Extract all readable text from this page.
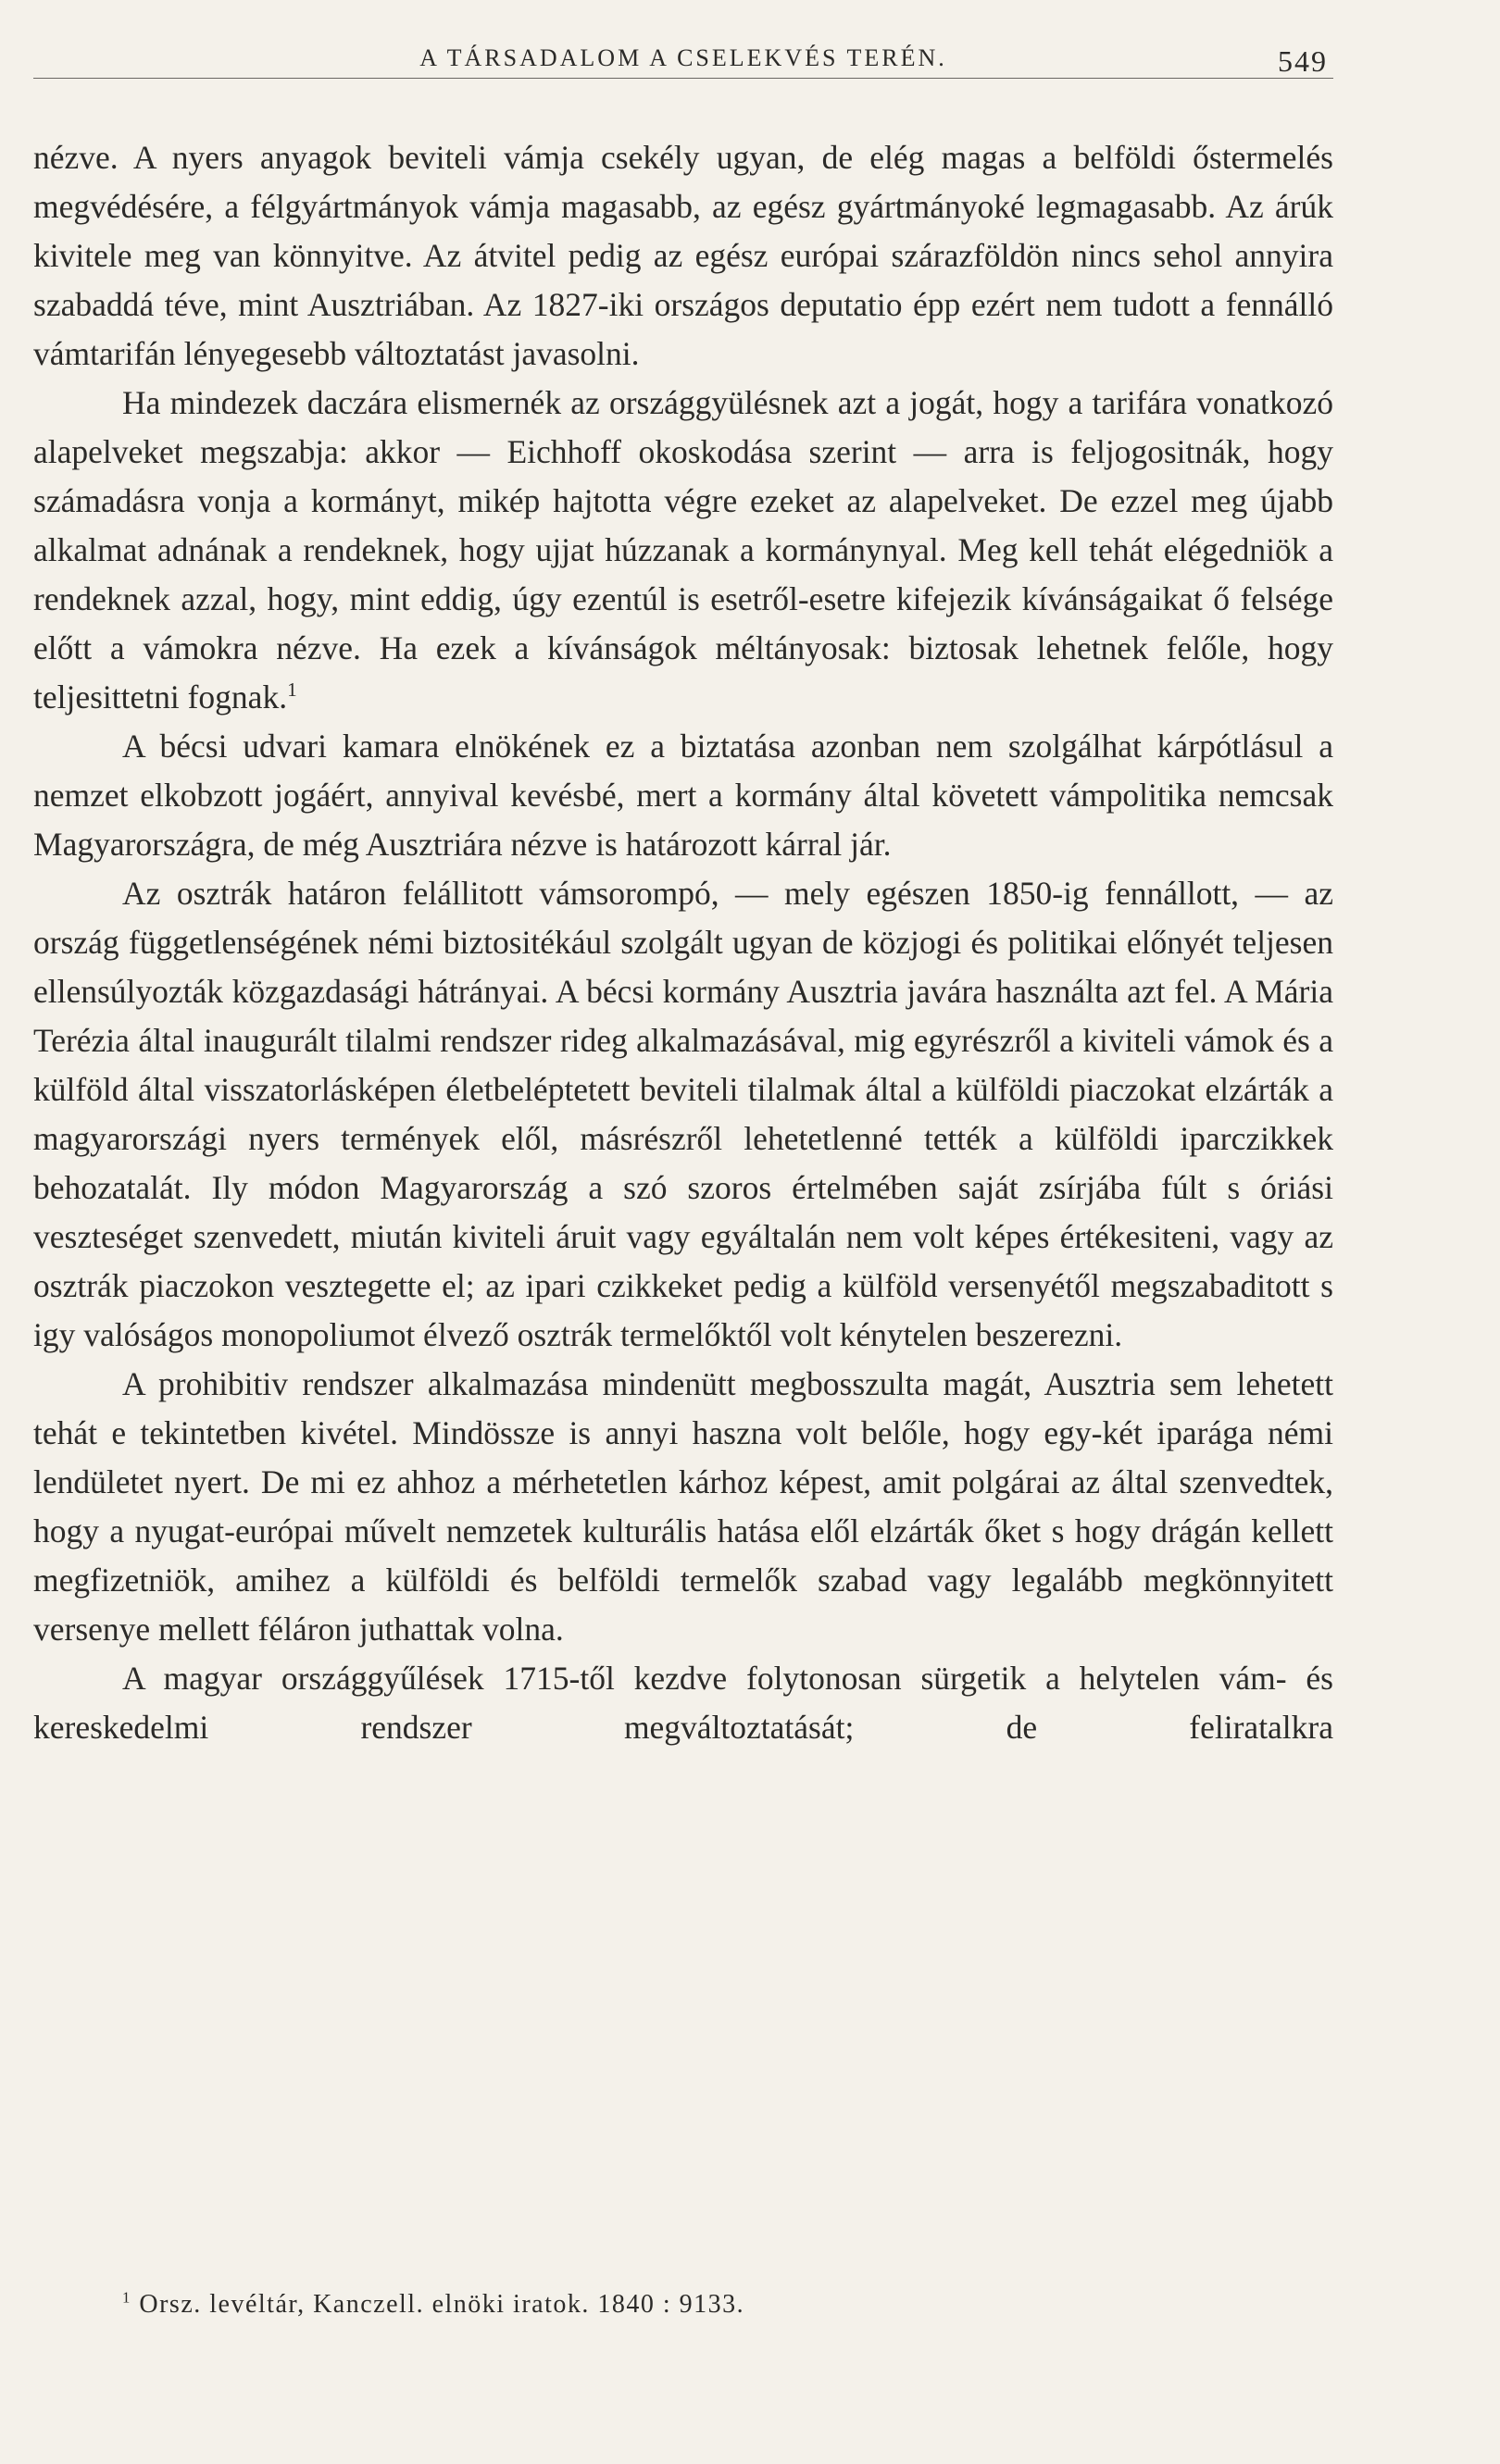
A TÁRSADALOM A CSELEKVÉS TERÉN.	549

nézve. A nyers anyagok beviteli vámja csekély ugyan, de elég magas a belföldi őstermelés megvédésére, a félgyártmányok vámja magasabb, az egész gyártmányoké legmagasabb. Az árúk kivitele meg van könnyitve. Az átvitel pedig az egész európai szárazföldön nincs sehol annyira szabaddá téve, mint Ausztriában. Az 1827-iki országos deputatio épp ezért nem tudott a fennálló vámtarifán lényegesebb változtatást javasolni.

Ha mindezek daczára elismernék az országgyülésnek azt a jogát, hogy a tarifára vonatkozó alapelveket megszabja: akkor — Eichhoff okoskodása szerint — arra is feljogositnák, hogy számadásra vonja a kormányt, mikép hajtotta végre ezeket az alapelveket. De ezzel meg újabb alkalmat adnának a rendeknek, hogy ujjat húzzanak a kormánynyal. Meg kell tehát elégedniök a rendeknek azzal, hogy, mint eddig, úgy ezentúl is esetről-esetre kifejezik kívánságaikat ő felsége előtt a vámokra nézve. Ha ezek a kívánságok méltányosak: biztosak lehetnek felőle, hogy teljesittetni fognak.$^1$

A bécsi udvari kamara elnökének ez a biztatása azonban nem szolgálhat kárpótlásul a nemzet elkobzott jogáért, annyival kevésbé, mert a kormány által követett vámpolitika nemcsak Magyarországra, de még Ausztriára nézve is határozott kárral jár.

Az osztrák határon felállitott vámsorompó, — mely egészen 1850-ig fennállott, — az ország függetlenségének némi biztositékául szolgált ugyan de közjogi és politikai előnyét teljesen ellensúlyozták közgazdasági hátrányai. A bécsi kormány Ausztria javára használta azt fel. A Mária Terézia által inaugurált tilalmi rendszer rideg alkalmazásával, mig egyrészről a kiviteli vámok és a külföld által visszatorlásképen életbeléptetett beviteli tilalmak által a külföldi piaczokat elzárták a magyarországi nyers termények elől, másrészről lehetetlenné tették a külföldi iparczikkek behozatalát. Ily módon Magyarország a szó szoros értelmében saját zsírjába fúlt s óriási veszteséget szenvedett, miután kiviteli áruit vagy egyáltalán nem volt képes értékesiteni, vagy az osztrák piaczokon vesztegette el; az ipari czikkeket pedig a külföld versenyétől megszabaditott s igy valóságos monopoliumot élvező osztrák termelőktől volt kénytelen beszerezni.

A prohibitiv rendszer alkalmazása mindenütt megbosszulta magát, Ausztria sem lehetett tehát e tekintetben kivétel. Mindössze is annyi haszna volt belőle, hogy egy-két iparága némi lendületet nyert. De mi ez ahhoz a mérhetetlen kárhoz képest, amit polgárai az által szenvedtek, hogy a nyugat-európai művelt nemzetek kulturális hatása elől elzárták őket s hogy drágán kellett megfizetniök, amihez a külföldi és belföldi termelők szabad vagy legalább megkönnyitett versenye mellett féláron juthattak volna.

A magyar országgyűlések 1715-től kezdve folytonosan sürgetik a helytelen vám- és kereskedelmi rendszer megváltoztatását; de feliratalkra

$^1$ Orsz. levéltár, Kanczell. elnöki iratok. 1840 : 9133.
